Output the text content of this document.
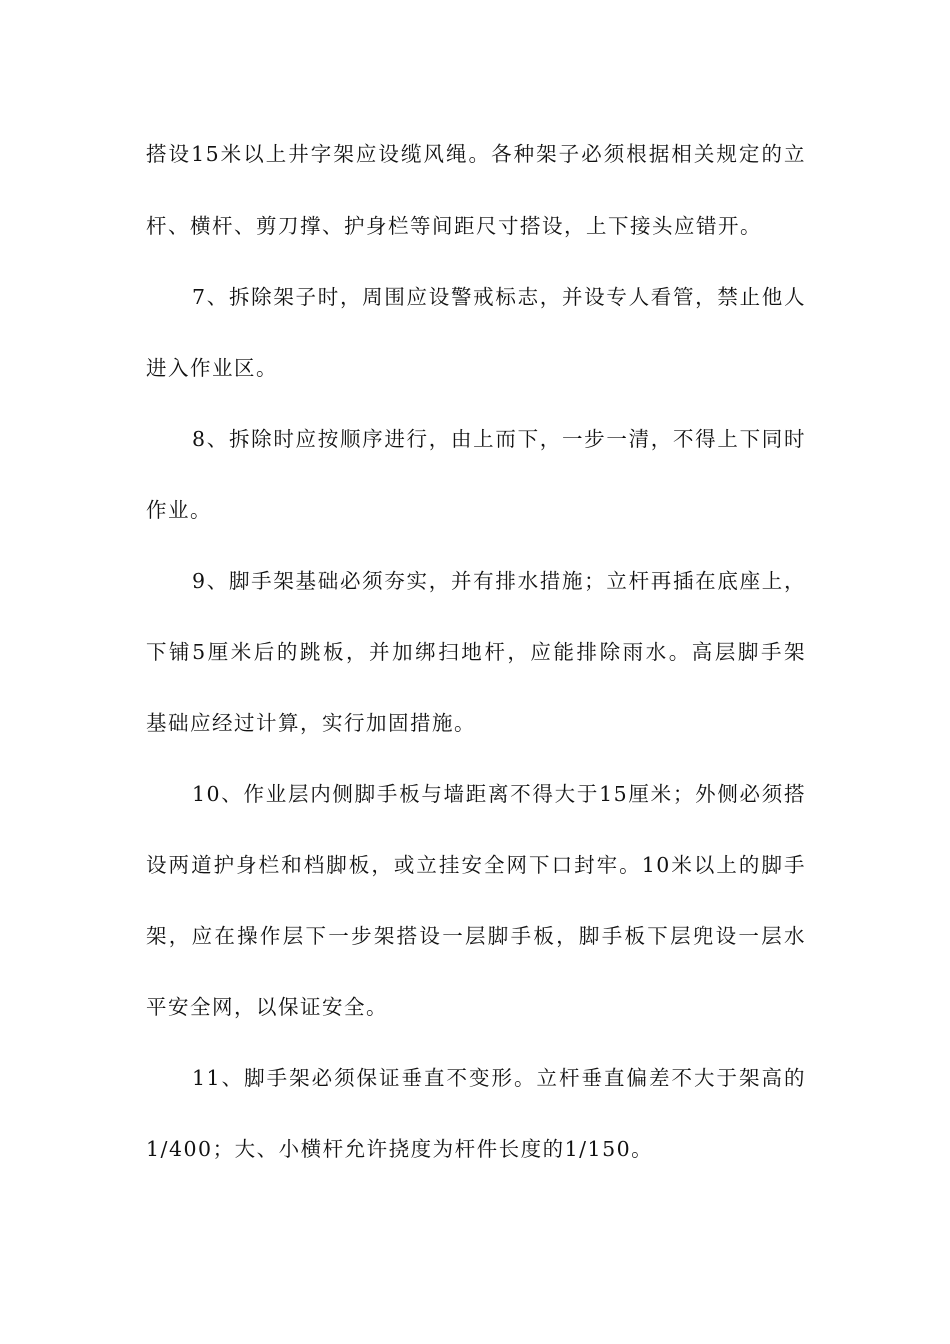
搭设15米以上井字架应设缆风绳。各种架子必须根据相关规定的立
杆、横杆、剪刀撑、护身栏等间距尺寸搭设，上下接头应错开。
7、拆除架子时，周围应设警戒标志，并设专人看管，禁止他人
进入作业区。
8、拆除时应按顺序进行，由上而下，一步一清，不得上下同时
作业。
9、脚手架基础必须夯实，并有排水措施；立杆再插在底座上，
下铺5厘米后的跳板，并加绑扫地杆，应能排除雨水。高层脚手架
基础应经过计算，实行加固措施。
10、作业层内侧脚手板与墙距离不得大于15厘米；外侧必须搭
设两道护身栏和档脚板，或立挂安全网下口封牢。10米以上的脚手
架，应在操作层下一步架搭设一层脚手板，脚手板下层兜设一层水
平安全网，以保证安全。
11、脚手架必须保证垂直不变形。立杆垂直偏差不大于架高的
1/400；大、小横杆允许挠度为杆件长度的1/150。
